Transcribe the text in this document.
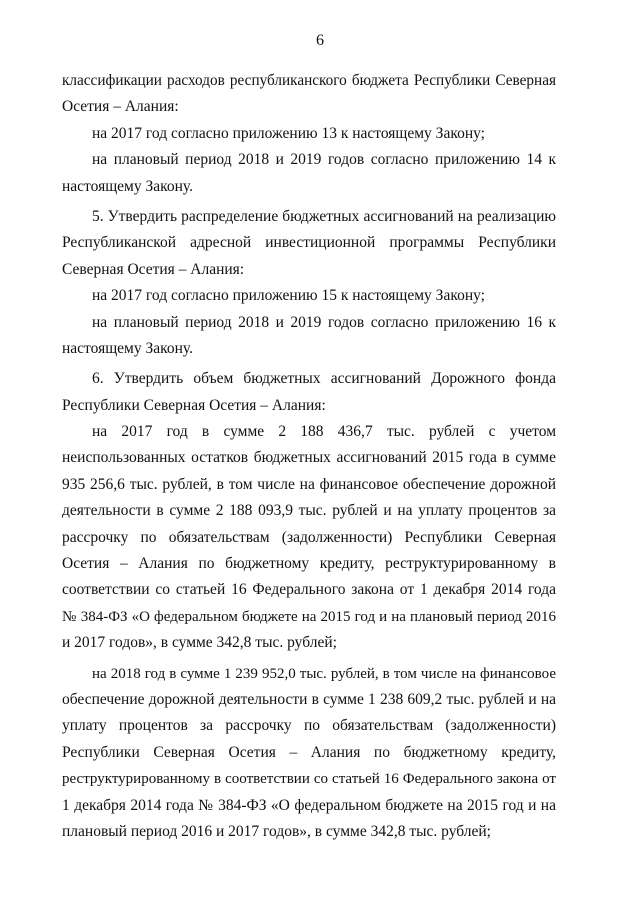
6
классификации расходов республиканского бюджета Республики Северная
Осетия – Алания:
на 2017 год согласно приложению 13 к настоящему Закону;
на плановый период 2018 и 2019 годов согласно приложению 14 к
настоящему Закону.
5. Утвердить распределение бюджетных ассигнований на реализацию
Республиканской адресной инвестиционной программы Республики
Северная Осетия – Алания:
на 2017 год согласно приложению 15 к настоящему Закону;
на плановый период 2018 и 2019 годов согласно приложению 16 к
настоящему Закону.
6. Утвердить объем бюджетных ассигнований Дорожного фонда
Республики Северная Осетия – Алания:
на 2017 год в сумме 2 188 436,7 тыс. рублей с учетом
неиспользованных остатков бюджетных ассигнований 2015 года в сумме
935 256,6 тыс. рублей, в том числе на финансовое обеспечение дорожной
деятельности в сумме 2 188 093,9 тыс. рублей и на уплату процентов за
рассрочку по обязательствам (задолженности) Республики Северная
Осетия – Алания по бюджетному кредиту, реструктурированному в
соответствии со статьей 16 Федерального закона от 1 декабря 2014 года
№ 384-ФЗ «О федеральном бюджете на 2015 год и на плановый период 2016
и 2017 годов», в сумме 342,8 тыс. рублей;
на 2018 год в сумме 1 239 952,0 тыс. рублей, в том числе на финансовое
обеспечение дорожной деятельности в сумме 1 238 609,2 тыс. рублей и на
уплату процентов за рассрочку по обязательствам (задолженности)
Республики Северная Осетия – Алания по бюджетному кредиту,
реструктурированному в соответствии со статьей 16 Федерального закона от
1 декабря 2014 года № 384-ФЗ «О федеральном бюджете на 2015 год и на
плановый период 2016 и 2017 годов», в сумме 342,8 тыс. рублей;
